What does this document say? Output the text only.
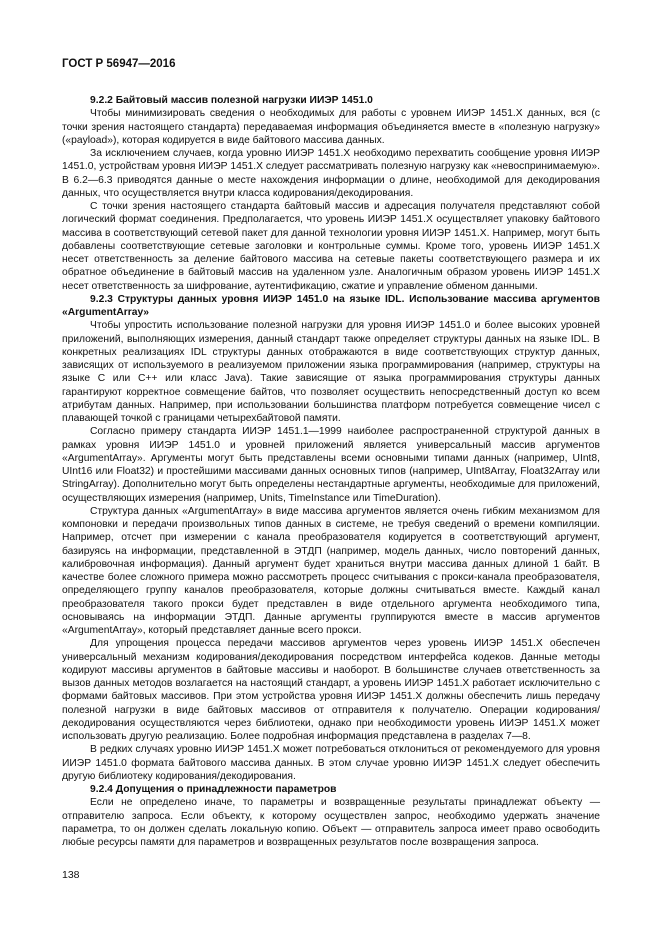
ГОСТ Р 56947—2016
9.2.2 Байтовый массив полезной нагрузки ИИЭР 1451.0

Чтобы минимизировать сведения о необходимых для работы с уровнем ИИЭР 1451.X данных, вся (с точки зрения настоящего стандарта) передаваемая информация объединяется вместе в «полезную нагрузку» («payload»), которая кодируется в виде байтового массива данных.

За исключением случаев, когда уровню ИИЭР 1451.X необходимо перехватить сообщение уровня ИИЭР 1451.0, устройствам уровня ИИЭР 1451.X следует рассматривать полезную нагрузку как «невоспринимаемую». В 6.2—6.3 приводятся данные о месте нахождения информации о длине, необходимой для декодирования данных, что осуществляется внутри класса кодирования/декодирования.

С точки зрения настоящего стандарта байтовый массив и адресация получателя представляют собой логический формат соединения. Предполагается, что уровень ИИЭР 1451.X осуществляет упаковку байтового массива в соответствующий сетевой пакет для данной технологии уровня ИИЭР 1451.X. Например, могут быть добавлены соответствующие сетевые заголовки и контрольные суммы. Кроме того, уровень ИИЭР 1451.X несет ответственность за деление байтового массива на сетевые пакеты соответствующего размера и их обратное объединение в байтовый массив на удаленном узле. Аналогичным образом уровень ИИЭР 1451.X несет ответственность за шифрование, аутентификацию, сжатие и управление обменом данными.

9.2.3 Структуры данных уровня ИИЭР 1451.0 на языке IDL. Использование массива аргументов «ArgumentArray»

Чтобы упростить использование полезной нагрузки для уровня ИИЭР 1451.0 и более высоких уровней приложений, выполняющих измерения, данный стандарт также определяет структуры данных на языке IDL. В конкретных реализациях IDL структуры данных отображаются в виде соответствующих структур данных, зависящих от используемого в реализуемом приложении языка программирования (например, структуры на языке C или C++ или класс Java). Такие зависящие от языка программирования структуры данных гарантируют корректное совмещение байтов, что позволяет осуществить непосредственный доступ ко всем атрибутам данных. Например, при использовании большинства платформ потребуется совмещение чисел с плавающей точкой с границами четырехбайтовой памяти.

Согласно примеру стандарта ИИЭР 1451.1—1999 наиболее распространенной структурой данных в рамках уровня ИИЭР 1451.0 и уровней приложений является универсальный массив аргументов «ArgumentArray». Аргументы могут быть представлены всеми основными типами данных (например, UInt8, UInt16 или Float32) и простейшими массивами данных основных типов (например, UInt8Array, Float32Array или StringArray). Дополнительно могут быть определены нестандартные аргументы, необходимые для приложений, осуществляющих измерения (например, Units, TimeInstance или TimeDuration).

Структура данных «ArgumentArray» в виде массива аргументов является очень гибким механизмом для компоновки и передачи произвольных типов данных в системе, не требуя сведений о времени компиляции. Например, отсчет при измерении с канала преобразователя кодируется в соответствующий аргумент, базируясь на информации, представленной в ЭТДП (например, модель данных, число повторений данных, калибровочная информация). Данный аргумент будет храниться внутри массива данных длиной 1 байт. В качестве более сложного примера можно рассмотреть процесс считывания с прокси-канала преобразователя, определяющего группу каналов преобразователя, которые должны считываться вместе. Каждый канал преобразователя такого прокси будет представлен в виде отдельного аргумента необходимого типа, основываясь на информации ЭТДП. Данные аргументы группируются вместе в массив аргументов «ArgumentArray», который представляет данные всего прокси.

Для упрощения процесса передачи массивов аргументов через уровень ИИЭР 1451.X обеспечен универсальный механизм кодирования/декодирования посредством интерфейса кодеков. Данные методы кодируют массивы аргументов в байтовые массивы и наоборот. В большинстве случаев ответственность за вызов данных методов возлагается на настоящий стандарт, а уровень ИИЭР 1451.X работает исключительно с формами байтовых массивов. При этом устройства уровня ИИЭР 1451.X должны обеспечить лишь передачу полезной нагрузки в виде байтовых массивов от отправителя к получателю. Операции кодирования/декодирования осуществляются через библиотеки, однако при необходимости уровень ИИЭР 1451.X может использовать другую реализацию. Более подробная информация представлена в разделах 7—8.

В редких случаях уровню ИИЭР 1451.X может потребоваться отклониться от рекомендуемого для уровня ИИЭР 1451.0 формата байтового массива данных. В этом случае уровню ИИЭР 1451.X следует обеспечить другую библиотеку кодирования/декодирования.

9.2.4 Допущения о принадлежности параметров

Если не определено иначе, то параметры и возвращенные результаты принадлежат объекту — отправителю запроса. Если объекту, к которому осуществлен запрос, необходимо удержать значение параметра, то он должен сделать локальную копию. Объект — отправитель запроса имеет право освободить любые ресурсы памяти для параметров и возвращенных результатов после возвращения запроса.

138
